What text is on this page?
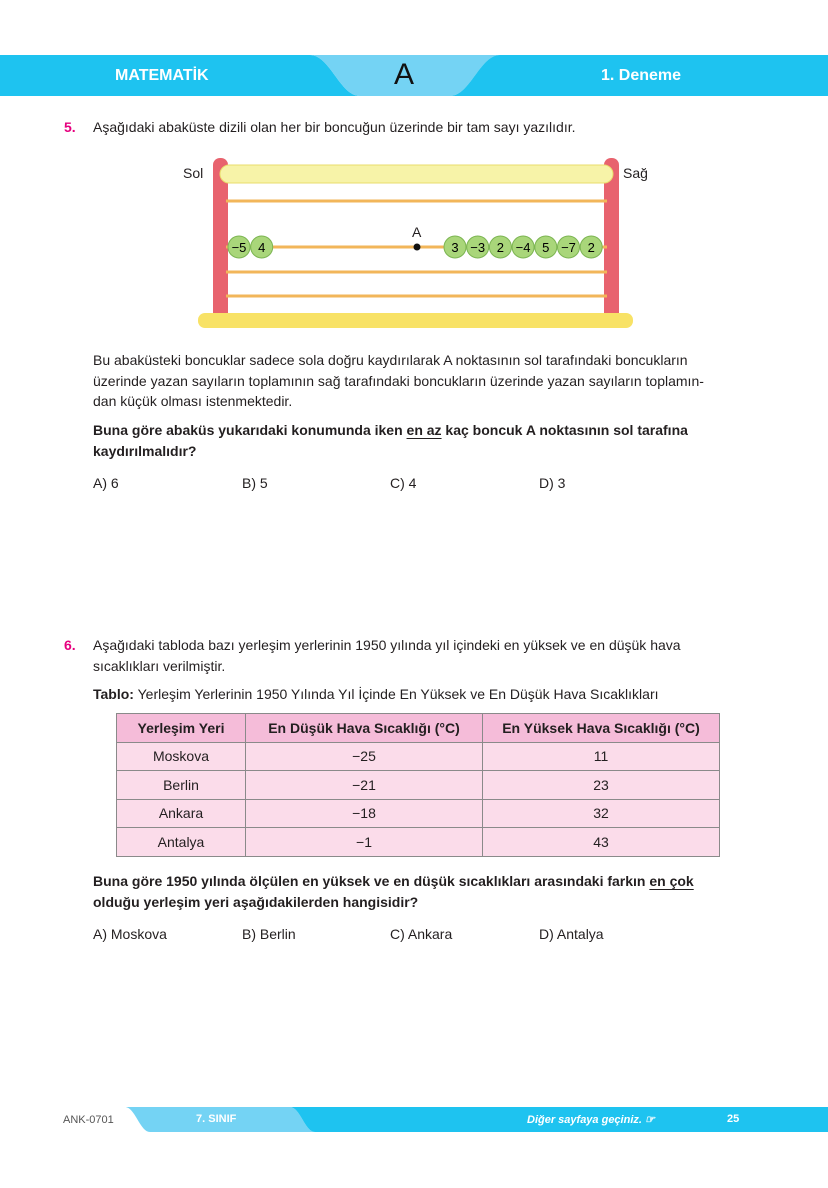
MATEMATİK	A	1. Deneme
5. Aşağıdaki abaküste dizili olan her bir boncuğun üzerinde bir tam sayı yazılıdır.
−5 4	3 −3 2 −4 5 −7 2
Sol	Sağ
A
Bu abaküsteki boncuklar sadece sola doğru kaydırılarak A noktasının sol tarafındaki boncukların
üzerinde yazan sayıların toplamının sağ tarafındaki boncukların üzerinde yazan sayıların toplamın-
dan küçük olması istenmektedir.
Buna göre abaküs yukarıdaki konumunda iken en az kaç boncuk A noktasının sol tarafına
kaydırılmalıdır?
A) 6	B) 5	C) 4	D) 3
6. Aşağıdaki tabloda bazı yerleşim yerlerinin 1950 yılında yıl içindeki en yüksek ve en düşük hava
sıcaklıkları verilmiştir.
Tablo: Yerleşim Yerlerinin 1950 Yılında Yıl İçinde En Yüksek ve En Düşük Hava Sıcaklıkları
Yerleşim Yeri	En Düşük Hava Sıcaklığı (°C)	En Yüksek Hava Sıcaklığı (°C)
Moskova	−25	11
Berlin	−21	23
Ankara	−18	32
Antalya	−1	43
Buna göre 1950 yılında ölçülen en yüksek ve en düşük sıcaklıkları arasındaki farkın en çok
olduğu yerleşim yeri aşağıdakilerden hangisidir?
A) Moskova	B) Berlin	C) Ankara	D) Antalya
ANK-0701	7. SINIF	Diğer sayfaya geçiniz. ☞	25
